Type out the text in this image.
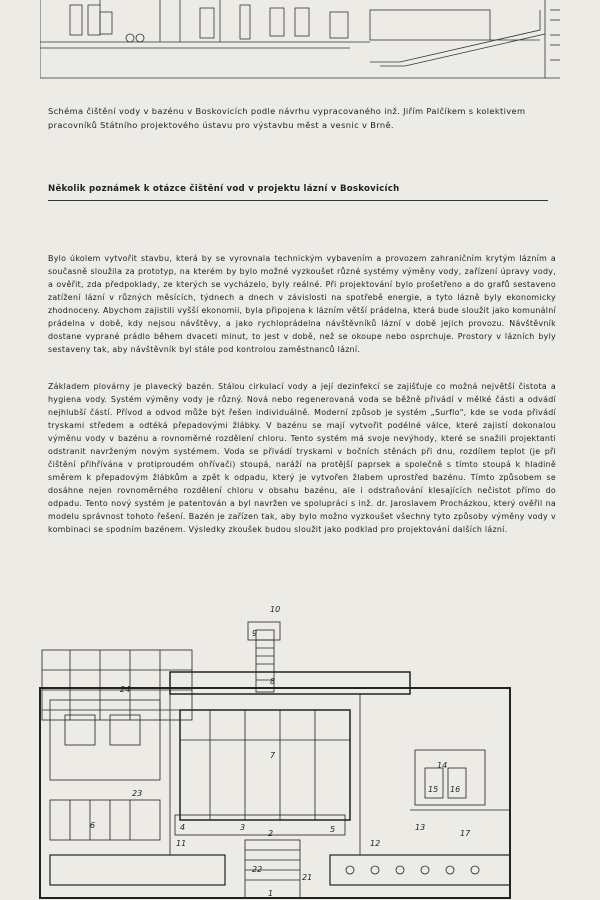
Schéma čištění vody v bazénu v Boskovicích podle návrhu vypracovaného inž. Jiřím Palčíkem s kolektivem pracovníků Státního projektového ústavu pro výstavbu měst a vesnic v Brně.
Několik poznámek k otázce čištění vod v projektu lázní v Boskovicích

Bylo úkolem vytvořit stavbu, která by se vyrovnala technickým vybavením a provozem zahraničním krytým lázním a současně sloužila za prototyp, na kterém by bylo možné vyzkoušet různé systémy výměny vody, zařízení úpravy vody, a ověřit, zda předpoklady, ze kterých se vycházelo, byly reálné. Při projektování bylo prošetřeno a do grafů sestaveno zatížení lázní v různých měsících, týdnech a dnech v závislosti na spotřebě energie, a tyto lázně byly ekonomicky zhodnoceny. Abychom zajistili vyšší ekonomii, byla připojena k lázním větší prádelna, která bude sloužit jako komunální prádelna v době, kdy nejsou návštěvy, a jako rychloprádelna návštěvníků lázní v době jejich provozu. Návštěvník dostane vyprané prádlo během dvaceti minut, to jest v době, než se okoupe nebo osprchuje. Prostory v lázních byly sestaveny tak, aby návštěvník byl stále pod kontrolou zaměstnanců lázní.

Základem plovárny je plavecký bazén. Stálou cirkulací vody a její dezinfekcí se zajišťuje co možná největší čistota a hygiena vody. Systém výměny vody je různý. Nová nebo regenerovaná voda se běžně přivádí v mělké části a odvádí nejhlubší částí. Přívod a odvod může být řešen individuálně. Moderní způsob je systém „Surflo", kde se voda přivádí tryskami středem a odtéká přepadovými žlábky. V bazénu se mají vytvořit podélné válce, které zajistí dokonalou výměnu vody v bazénu a rovnoměrné rozdělení chloru. Tento systém má svoje nevýhody, které se snažili projektanti odstranit navrženým novým systémem. Voda se přivádí tryskami v bočních stěnách při dnu, rozdílem teplot (je při čištění přihřívána v protiproudém ohřívači) stoupá, naráží na protější paprsek a společně s tímto stoupá k hladině směrem k přepadovým žlábkům a zpět k odpadu, který je vytvořen žlabem uprostřed bazénu. Tímto způsobem se dosáhne nejen rovnoměrného rozdělení chloru v obsahu bazénu, ale i odstraňování klesajících nečistot přímo do odpadu. Tento nový systém je patentován a byl navržen ve spolupráci s inž. dr. Jaroslavem Procházkou, který ověřil na modelu správnost tohoto řešení. Bazén je zařízen tak, aby bylo možno vyzkoušet všechny tyto způsoby výměny vody v kombinaci se spodním bazénem. Výsledky zkoušek budou sloužit jako podklad pro projektování dalších lázní.

10
9
8
7
24
23
14
15 16
4	3
2
11	12
13
17
22
21
1
5
6
